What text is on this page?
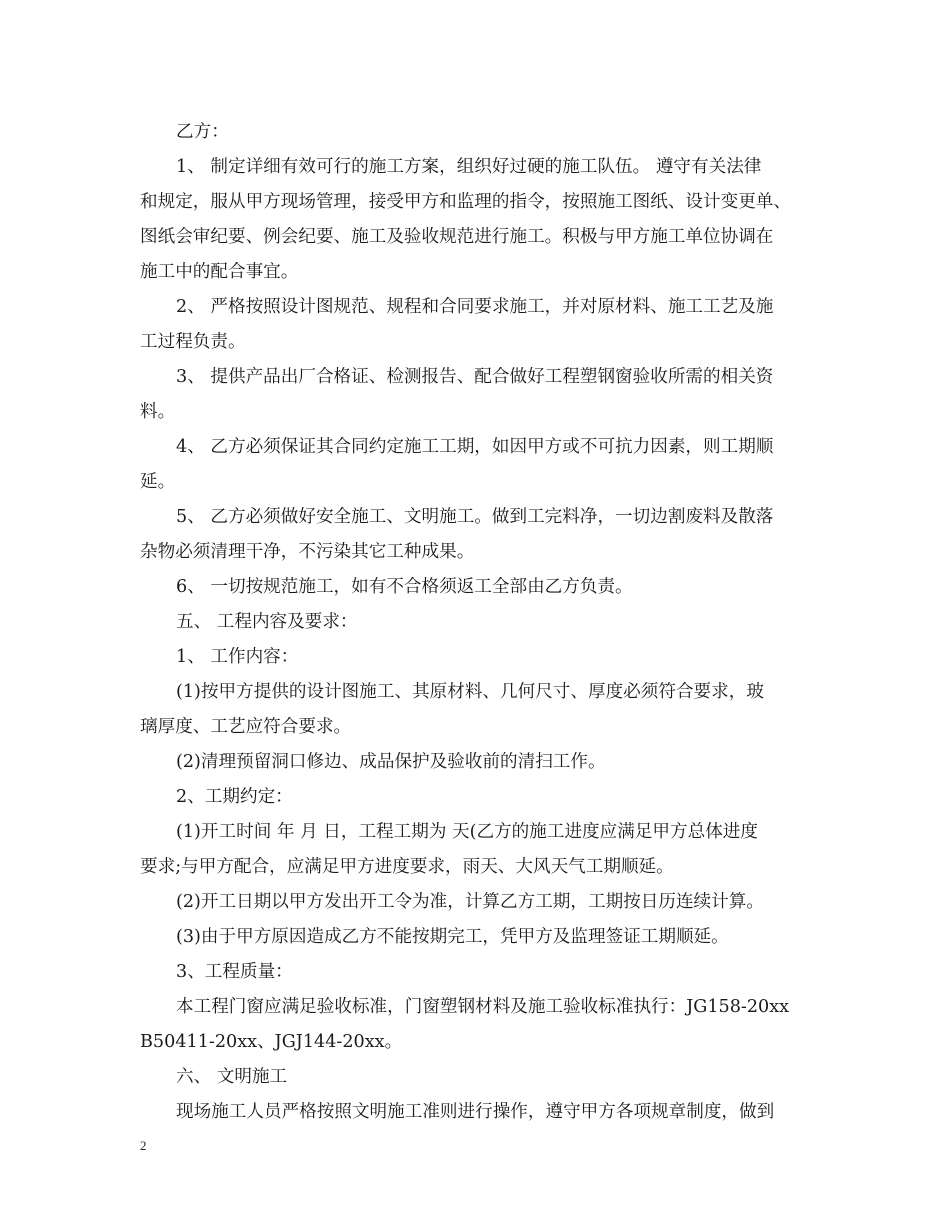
乙方：
1、 制定详细有效可行的施工方案，组织好过硬的施工队伍。 遵守有关法律
和规定，服从甲方现场管理，接受甲方和监理的指令，按照施工图纸、设计变更单、
图纸会审纪要、例会纪要、施工及验收规范进行施工。积极与甲方施工单位协调在
施工中的配合事宜。
2、 严格按照设计图规范、规程和合同要求施工，并对原材料、施工工艺及施
工过程负责。
3、 提供产品出厂合格证、检测报告、配合做好工程塑钢窗验收所需的相关资
料。
4、 乙方必须保证其合同约定施工工期，如因甲方或不可抗力因素，则工期顺
延。
5、 乙方必须做好安全施工、文明施工。做到工完料净，一切边割废料及散落
杂物必须清理干净，不污染其它工种成果。
6、 一切按规范施工，如有不合格须返工全部由乙方负责。
五、 工程内容及要求：
1、 工作内容：
(1)按甲方提供的设计图施工、其原材料、几何尺寸、厚度必须符合要求，玻
璃厚度、工艺应符合要求。
(2)清理预留洞口修边、成品保护及验收前的清扫工作。
2、工期约定：
(1)开工时间 年 月 日，工程工期为 天(乙方的施工进度应满足甲方总体进度
要求;与甲方配合，应满足甲方进度要求，雨天、大风天气工期顺延。
(2)开工日期以甲方发出开工令为准，计算乙方工期，工期按日历连续计算。
(3)由于甲方原因造成乙方不能按期完工，凭甲方及监理签证工期顺延。
3、工程质量：
本工程门窗应满足验收标准，门窗塑钢材料及施工验收标准执行：JG158-20xx
B50411-20xx、JGJ144-20xx。
六、 文明施工
现场施工人员严格按照文明施工准则进行操作，遵守甲方各项规章制度，做到
2
